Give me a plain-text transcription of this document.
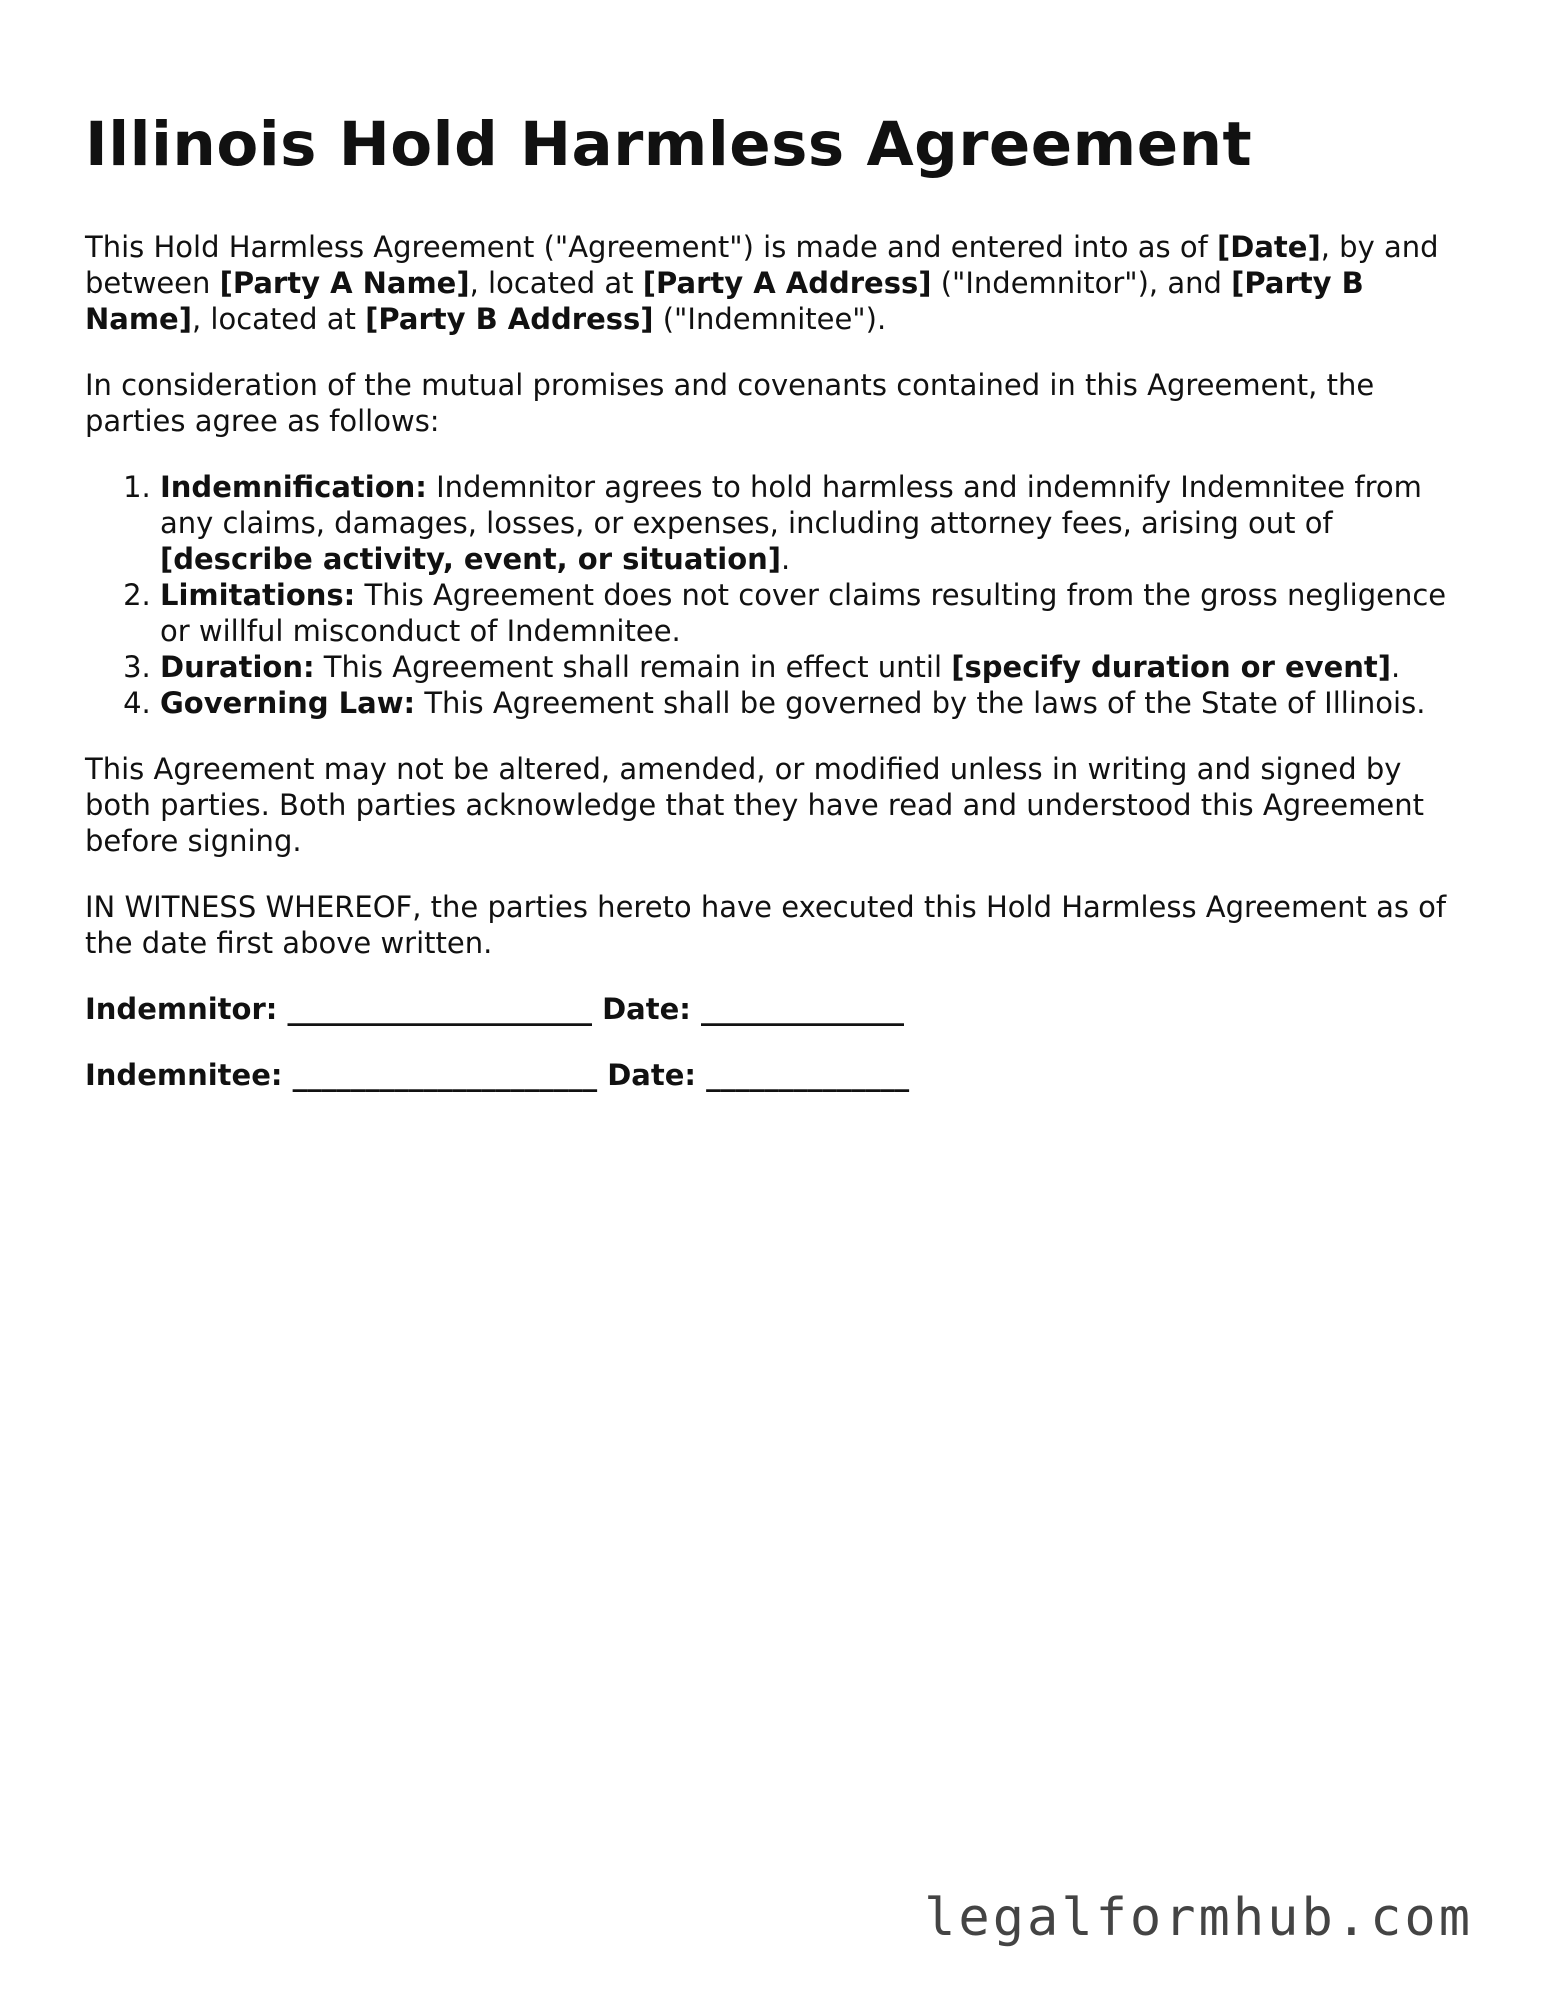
Illinois Hold Harmless Agreement

This Hold Harmless Agreement ("Agreement") is made and entered into as of [Date], by and between [Party A Name], located at [Party A Address] ("Indemnitor"), and [Party B Name], located at [Party B Address] ("Indemnitee").

In consideration of the mutual promises and covenants contained in this Agreement, the parties agree as follows:

1. Indemnification: Indemnitor agrees to hold harmless and indemnify Indemnitee from any claims, damages, losses, or expenses, including attorney fees, arising out of [describe activity, event, or situation].
2. Limitations: This Agreement does not cover claims resulting from the gross negligence or willful misconduct of Indemnitee.
3. Duration: This Agreement shall remain in effect until [specify duration or event].
4. Governing Law: This Agreement shall be governed by the laws of the State of Illinois.

This Agreement may not be altered, amended, or modified unless in writing and signed by both parties. Both parties acknowledge that they have read and understood this Agreement before signing.

IN WITNESS WHEREOF, the parties hereto have executed this Hold Harmless Agreement as of the date first above written.

Indemnitor: _____________________ Date: ______________

Indemnitee: _____________________ Date: ______________

legalformhub.com
